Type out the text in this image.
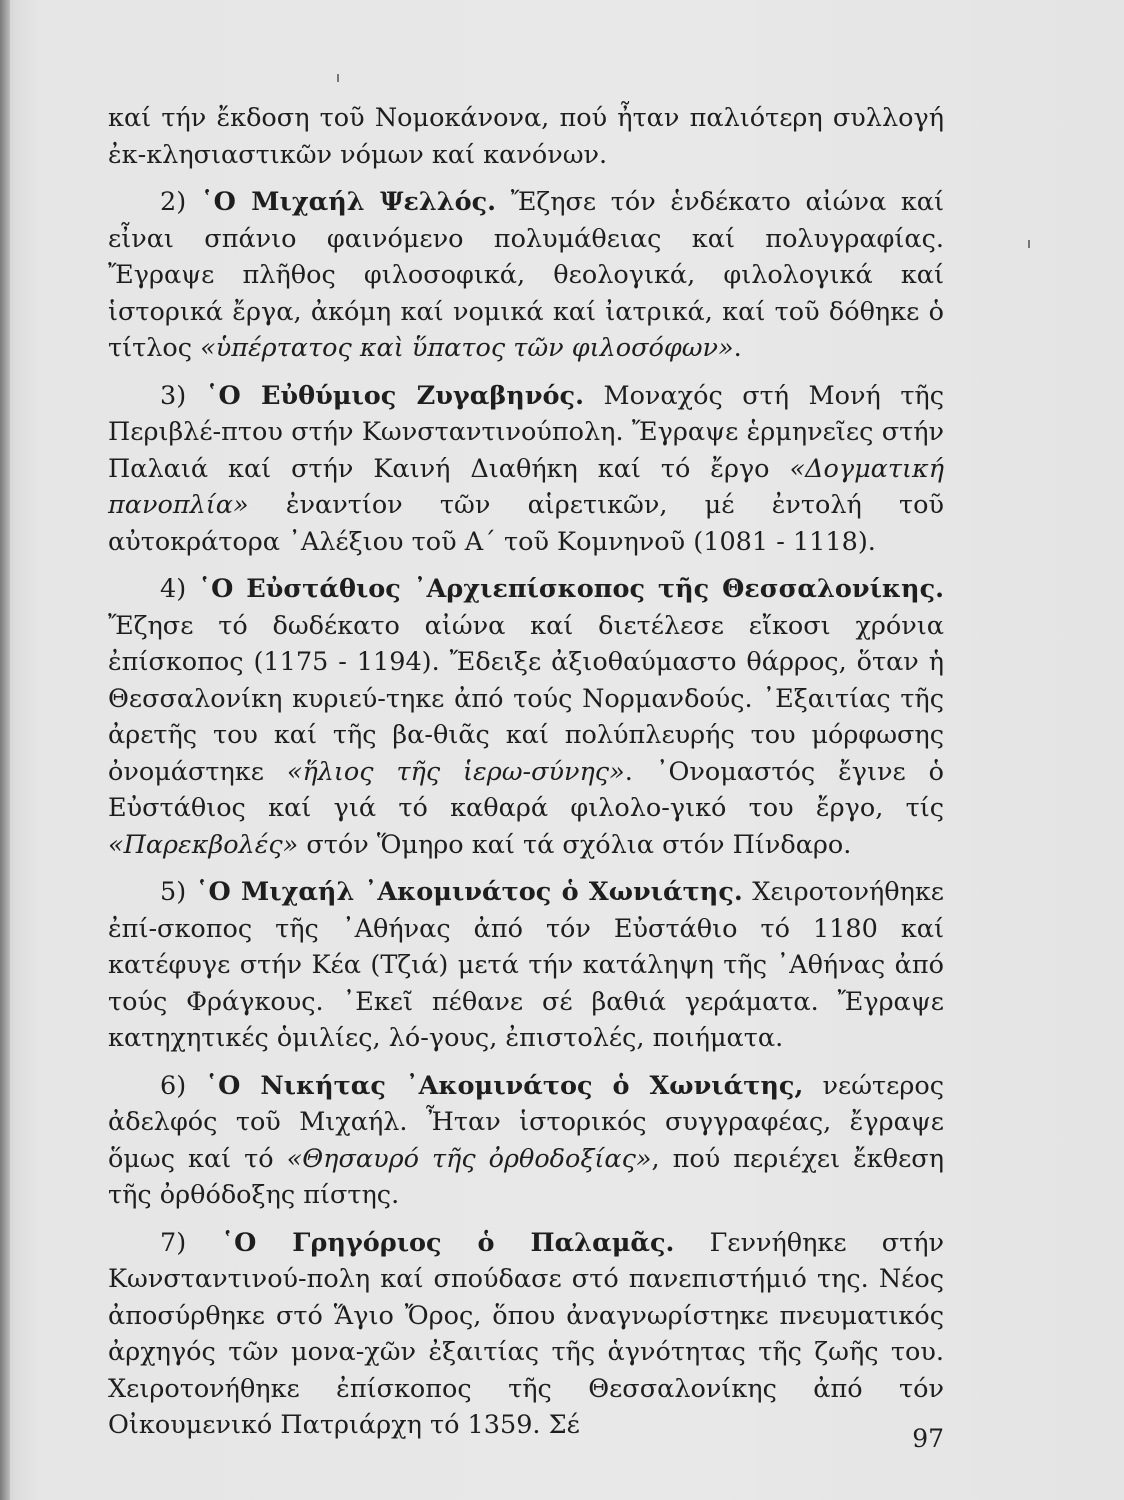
καί τήν ἔκδοση τοῦ Νομοκάνονα, πού ἦταν παλιότερη συλλογή ἐκ-κλησιαστικῶν νόμων καί κανόνων.

2) ῾Ο Μιχαήλ Ψελλός. Ἔζησε τόν ἑνδέκατο αἰώνα καί εἶναι σπάνιο φαινόμενο πολυμάθειας καί πολυγραφίας. Ἔγραψε πλῆθος φιλοσοφικά, θεολογικά, φιλολογικά καί ἱστορικά ἔργα, ἀκόμη καί νομικά καί ἰατρικά, καί τοῦ δόθηκε ὁ τίτλος «ὑπέρτατος καὶ ὕπατος τῶν φιλοσόφων».

3) ῾Ο Εὐθύμιος Ζυγαβηνός. Μοναχός στή Μονή τῆς Περιβλέ-πτου στήν Κωνσταντινούπολη. Ἔγραψε ἑρμηνεῖες στήν Παλαιά καί στήν Καινή Διαθήκη καί τό ἔργο «Δογματική πανοπλία» ἐναντίον τῶν αἱρετικῶν, μέ ἐντολή τοῦ αὐτοκράτορα ᾿Αλέξιου τοῦ Α΄ τοῦ Κομνηνοῦ (1081 - 1118).

4) ῾Ο Εὐστάθιος ᾿Αρχιεπίσκοπος τῆς Θεσσαλονίκης. Ἔζησε τό δωδέκατο αἰώνα καί διετέλεσε εἴκοσι χρόνια ἐπίσκοπος (1175 - 1194). Ἔδειξε ἀξιοθαύμαστο θάρρος, ὅταν ἡ Θεσσαλονίκη κυριεύ-τηκε ἀπό τούς Νορμανδούς. ᾿Εξαιτίας τῆς ἀρετῆς του καί τῆς βα-θιᾶς καί πολύπλευρής του μόρφωσης ὀνομάστηκε «ἥλιος τῆς ἱερω-σύνης». ᾿Ονομαστός ἔγινε ὁ Εὐστάθιος καί γιά τό καθαρά φιλολο-γικό του ἔργο, τίς «Παρεκβολές» στόν Ὅμηρο καί τά σχόλια στόν Πίνδαρο.

5) ῾Ο Μιχαήλ ᾿Ακομινάτος ὁ Χωνιάτης. Χειροτονήθηκε ἐπί-σκοπος τῆς ᾿Αθήνας ἀπό τόν Εὐστάθιο τό 1180 καί κατέφυγε στήν Κέα (Τζιά) μετά τήν κατάληψη τῆς ᾿Αθήνας ἀπό τούς Φράγκους. ᾿Εκεῖ πέθανε σέ βαθιά γεράματα. Ἔγραψε κατηχητικές ὁμιλίες, λό-γους, ἐπιστολές, ποιήματα.

6) ῾Ο Νικήτας ᾿Ακομινάτος ὁ Χωνιάτης, νεώτερος ἀδελφός τοῦ Μιχαήλ. Ἦταν ἱστορικός συγγραφέας, ἔγραψε ὅμως καί τό «Θησαυρό τῆς ὀρθοδοξίας», πού περιέχει ἔκθεση τῆς ὀρθόδοξης πίστης.

7) ῾Ο Γρηγόριος ὁ Παλαμᾶς. Γεννήθηκε στήν Κωνσταντινού-πολη καί σπούδασε στό πανεπιστήμιό της. Νέος ἀποσύρθηκε στό Ἅγιο Ὄρος, ὅπου ἀναγνωρίστηκε πνευματικός ἀρχηγός τῶν μονα-χῶν ἐξαιτίας τῆς ἁγνότητας τῆς ζωῆς του. Χειροτονήθηκε ἐπίσκοπος τῆς Θεσσαλονίκης ἀπό τόν Οἰκουμενικό Πατριάρχη τό 1359. Σέ	97
